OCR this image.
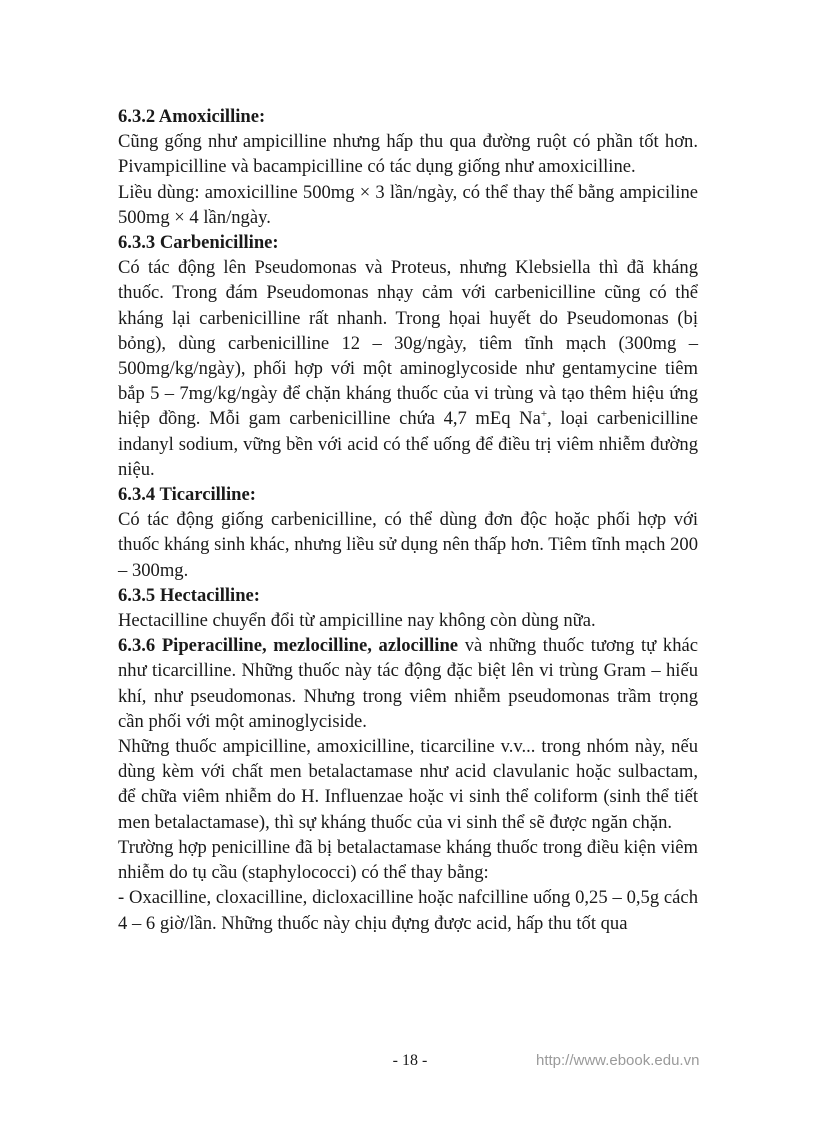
6.3.2 Amoxicilline:

Cũng gống như ampicilline nhưng hấp thu qua đường ruột có phần tốt hơn. Pivampicilline và bacampicilline có tác dụng giống như amoxicilline.

Liều dùng: amoxicilline 500mg × 3 lần/ngày, có thể thay thế bằng ampiciline 500mg × 4 lần/ngày.

6.3.3 Carbenicilline:

Có tác động lên Pseudomonas và Proteus, nhưng Klebsiella thì đã kháng thuốc. Trong đám Pseudomonas nhạy cảm với carbenicilline cũng có thể kháng lại carbenicilline rất nhanh. Trong họai huyết do Pseudomonas (bị bỏng), dùng carbenicilline 12 – 30g/ngày, tiêm tĩnh mạch (300mg – 500mg/kg/ngày), phối hợp với một aminoglycoside như gentamycine tiêm bắp 5 – 7mg/kg/ngày để chặn kháng thuốc của vi trùng và tạo thêm hiệu ứng hiệp đồng. Mỗi gam carbenicilline chứa 4,7 mEq Na+, loại carbenicilline indanyl sodium, vững bền với acid có thể uống để điều trị viêm nhiễm đường niệu.

6.3.4 Ticarcilline:

Có tác động giống carbenicilline, có thể dùng đơn độc hoặc phối hợp với thuốc kháng sinh khác, nhưng liều sử dụng nên thấp hơn. Tiêm tĩnh mạch 200 – 300mg.

6.3.5 Hectacilline:

Hectacilline chuyển đổi từ ampicilline nay không còn dùng nữa.

6.3.6 Piperacilline, mezlocilline, azlocilline và những thuốc tương tự khác như ticarcilline. Những thuốc này tác động đặc biệt lên vi trùng Gram – hiếu khí, như pseudomonas. Nhưng trong viêm nhiễm pseudomonas trầm trọng cần phối với một aminoglyciside.

Những thuốc ampicilline, amoxicilline, ticarciline v.v... trong nhóm này, nếu dùng kèm với chất men betalactamase như acid clavulanic hoặc sulbactam, để chữa viêm nhiễm do H. Influenzae hoặc vi sinh thể coliform (sinh thể tiết men betalactamase), thì sự kháng thuốc của vi sinh thể sẽ được ngăn chặn.

Trường hợp penicilline đã bị betalactamase kháng thuốc trong điều kiện viêm nhiễm do tụ cầu (staphylococci) có thể thay bằng:

- Oxacilline, cloxacilline, dicloxacilline hoặc nafcilline uống 0,25 – 0,5g cách 4 – 6 giờ/lần. Những thuốc này chịu đựng được acid, hấp thu tốt qua

- 18 -	http://www.ebook.edu.vn
